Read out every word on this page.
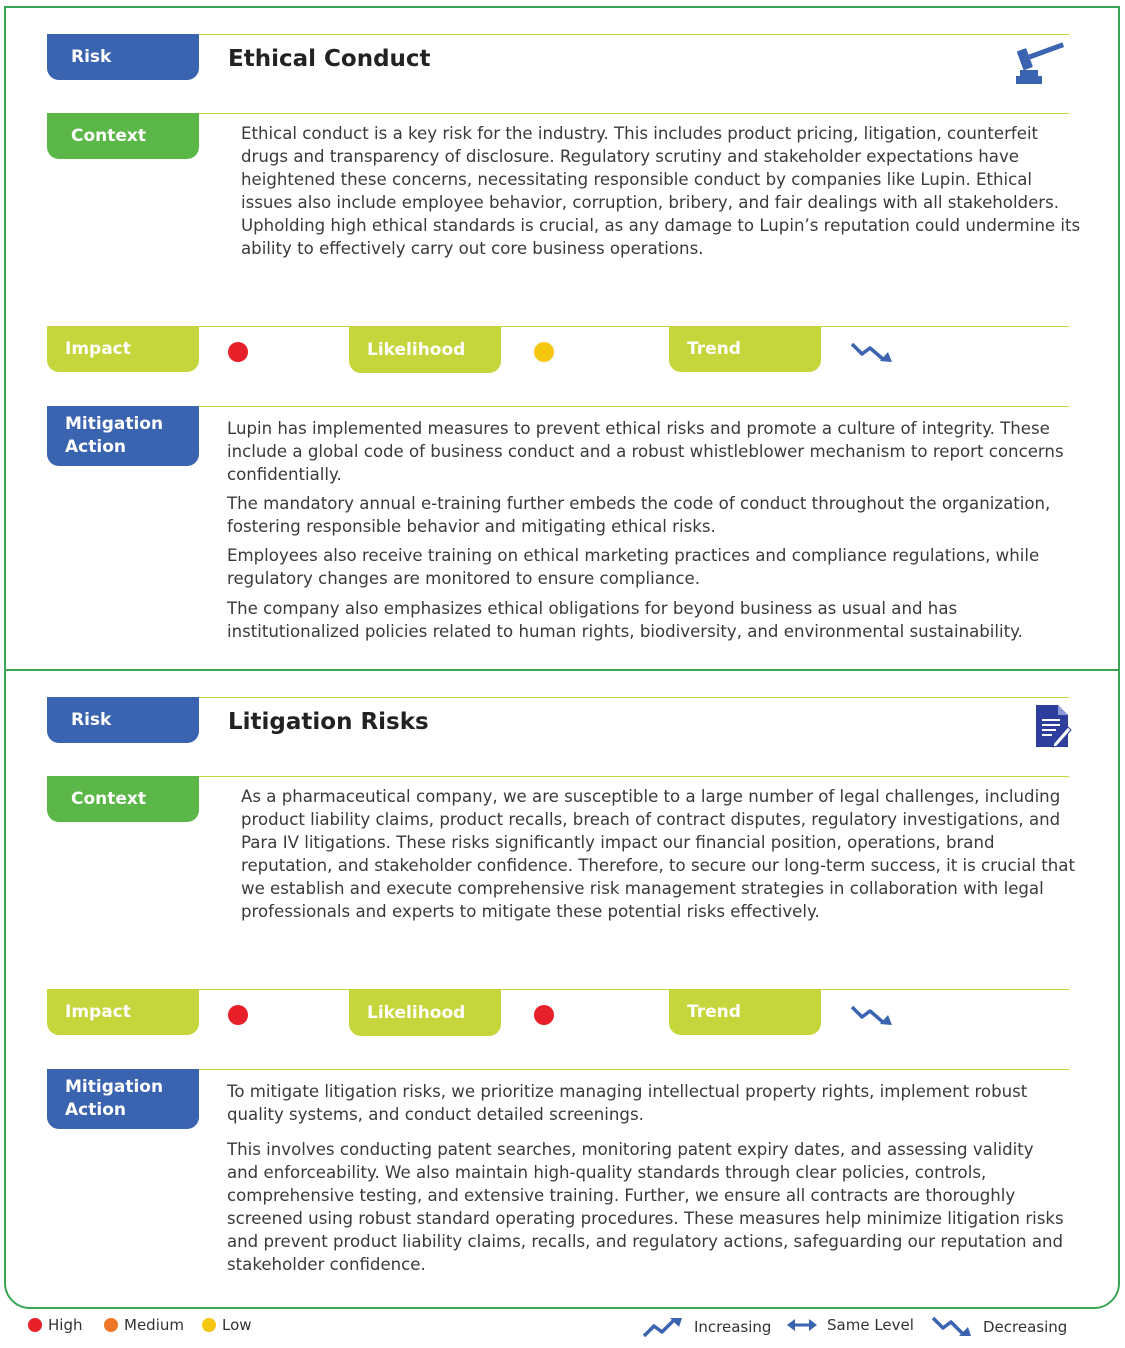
Risk	Ethical Conduct
Context	Ethical conduct is a key risk for the industry. This includes product pricing, litigation, counterfeit drugs and transparency of disclosure. Regulatory scrutiny and stakeholder expectations have heightened these concerns, necessitating responsible conduct by companies like Lupin. Ethical issues also include employee behavior, corruption, bribery, and fair dealings with all stakeholders. Upholding high ethical standards is crucial, as any damage to Lupin’s reputation could undermine its ability to effectively carry out core business operations.
Impact	Likelihood	Trend
Mitigation
Action
Lupin has implemented measures to prevent ethical risks and promote a culture of integrity. These include a global code of business conduct and a robust whistleblower mechanism to report concerns confidentially.
The mandatory annual e-training further embeds the code of conduct throughout the organization, fostering responsible behavior and mitigating ethical risks.
Employees also receive training on ethical marketing practices and compliance regulations, while regulatory changes are monitored to ensure compliance.
The company also emphasizes ethical obligations for beyond business as usual and has institutionalized policies related to human rights, biodiversity, and environmental sustainability.
Risk	Litigation Risks
Context	As a pharmaceutical company, we are susceptible to a large number of legal challenges, including product liability claims, product recalls, breach of contract disputes, regulatory investigations, and Para IV litigations. These risks significantly impact our financial position, operations, brand reputation, and stakeholder confidence. Therefore, to secure our long-term success, it is crucial that we establish and execute comprehensive risk management strategies in collaboration with legal professionals and experts to mitigate these potential risks effectively.
Impact	Likelihood	Trend
Mitigation
Action
To mitigate litigation risks, we prioritize managing intellectual property rights, implement robust quality systems, and conduct detailed screenings.
This involves conducting patent searches, monitoring patent expiry dates, and assessing validity and enforceability. We also maintain high-quality standards through clear policies, controls, comprehensive testing, and extensive training. Further, we ensure all contracts are thoroughly screened using robust standard operating procedures. These measures help minimize litigation risks and prevent product liability claims, recalls, and regulatory actions, safeguarding our reputation and stakeholder confidence.
High	Medium	Low	Increasing	Same Level	Decreasing
